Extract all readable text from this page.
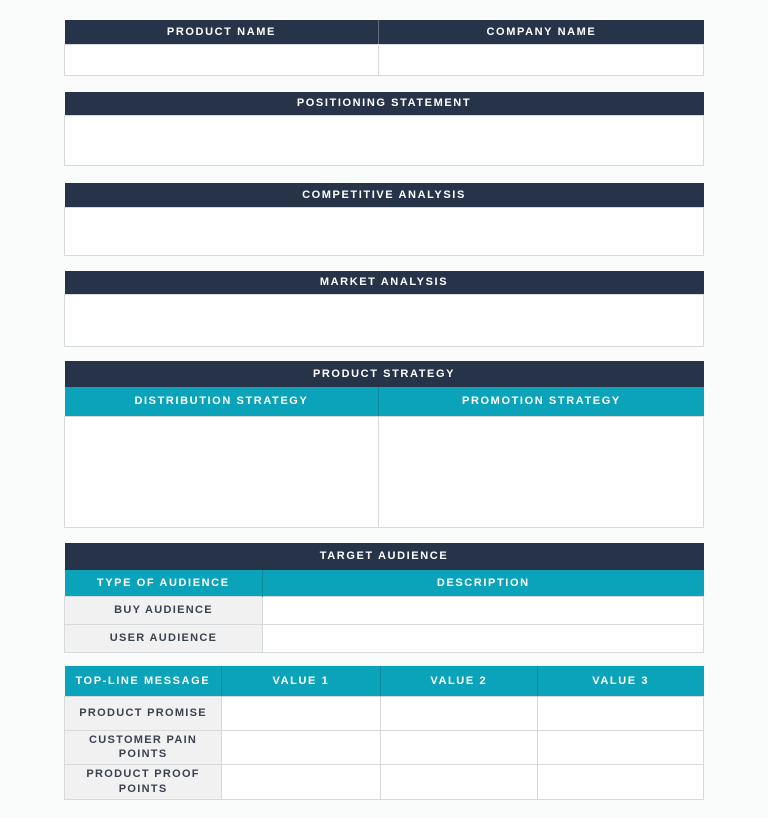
PRODUCT NAME	COMPANY NAME

POSITIONING STATEMENT

COMPETITIVE ANALYSIS

MARKET ANALYSIS

PRODUCT STRATEGY	
DISTRIBUTION STRATEGY	PROMOTION STRATEGY

TARGET AUDIENCE	
TYPE OF AUDIENCE	DESCRIPTION
BUY AUDIENCE	
USER AUDIENCE	
TOP-LINE MESSAGE	VALUE 1	VALUE 2	VALUE 3
PRODUCT PROMISE			
CUSTOMER PAIN POINTS			
PRODUCT PROOF POINTS			
